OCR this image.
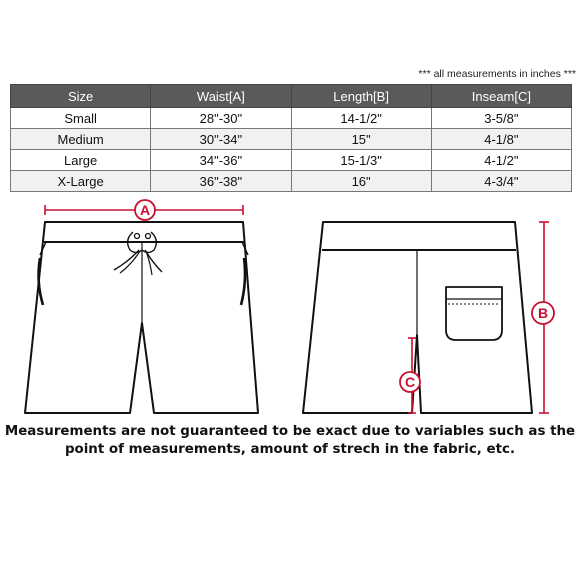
*** all measurements in inches ***
Size	Waist[A]	Length[B]	Inseam[C]
Small	28"-30"	14-1/2"	3-5/8"
Medium	30"-34"	15"	4-1/8"
Large	34"-36"	15-1/3"	4-1/2"
X-Large	36"-38"	16"	4-3/4"
A
B
C
Measurements are not guaranteed to be exact due to variables such as the
point of measurements, amount of strech in the fabric, etc.
